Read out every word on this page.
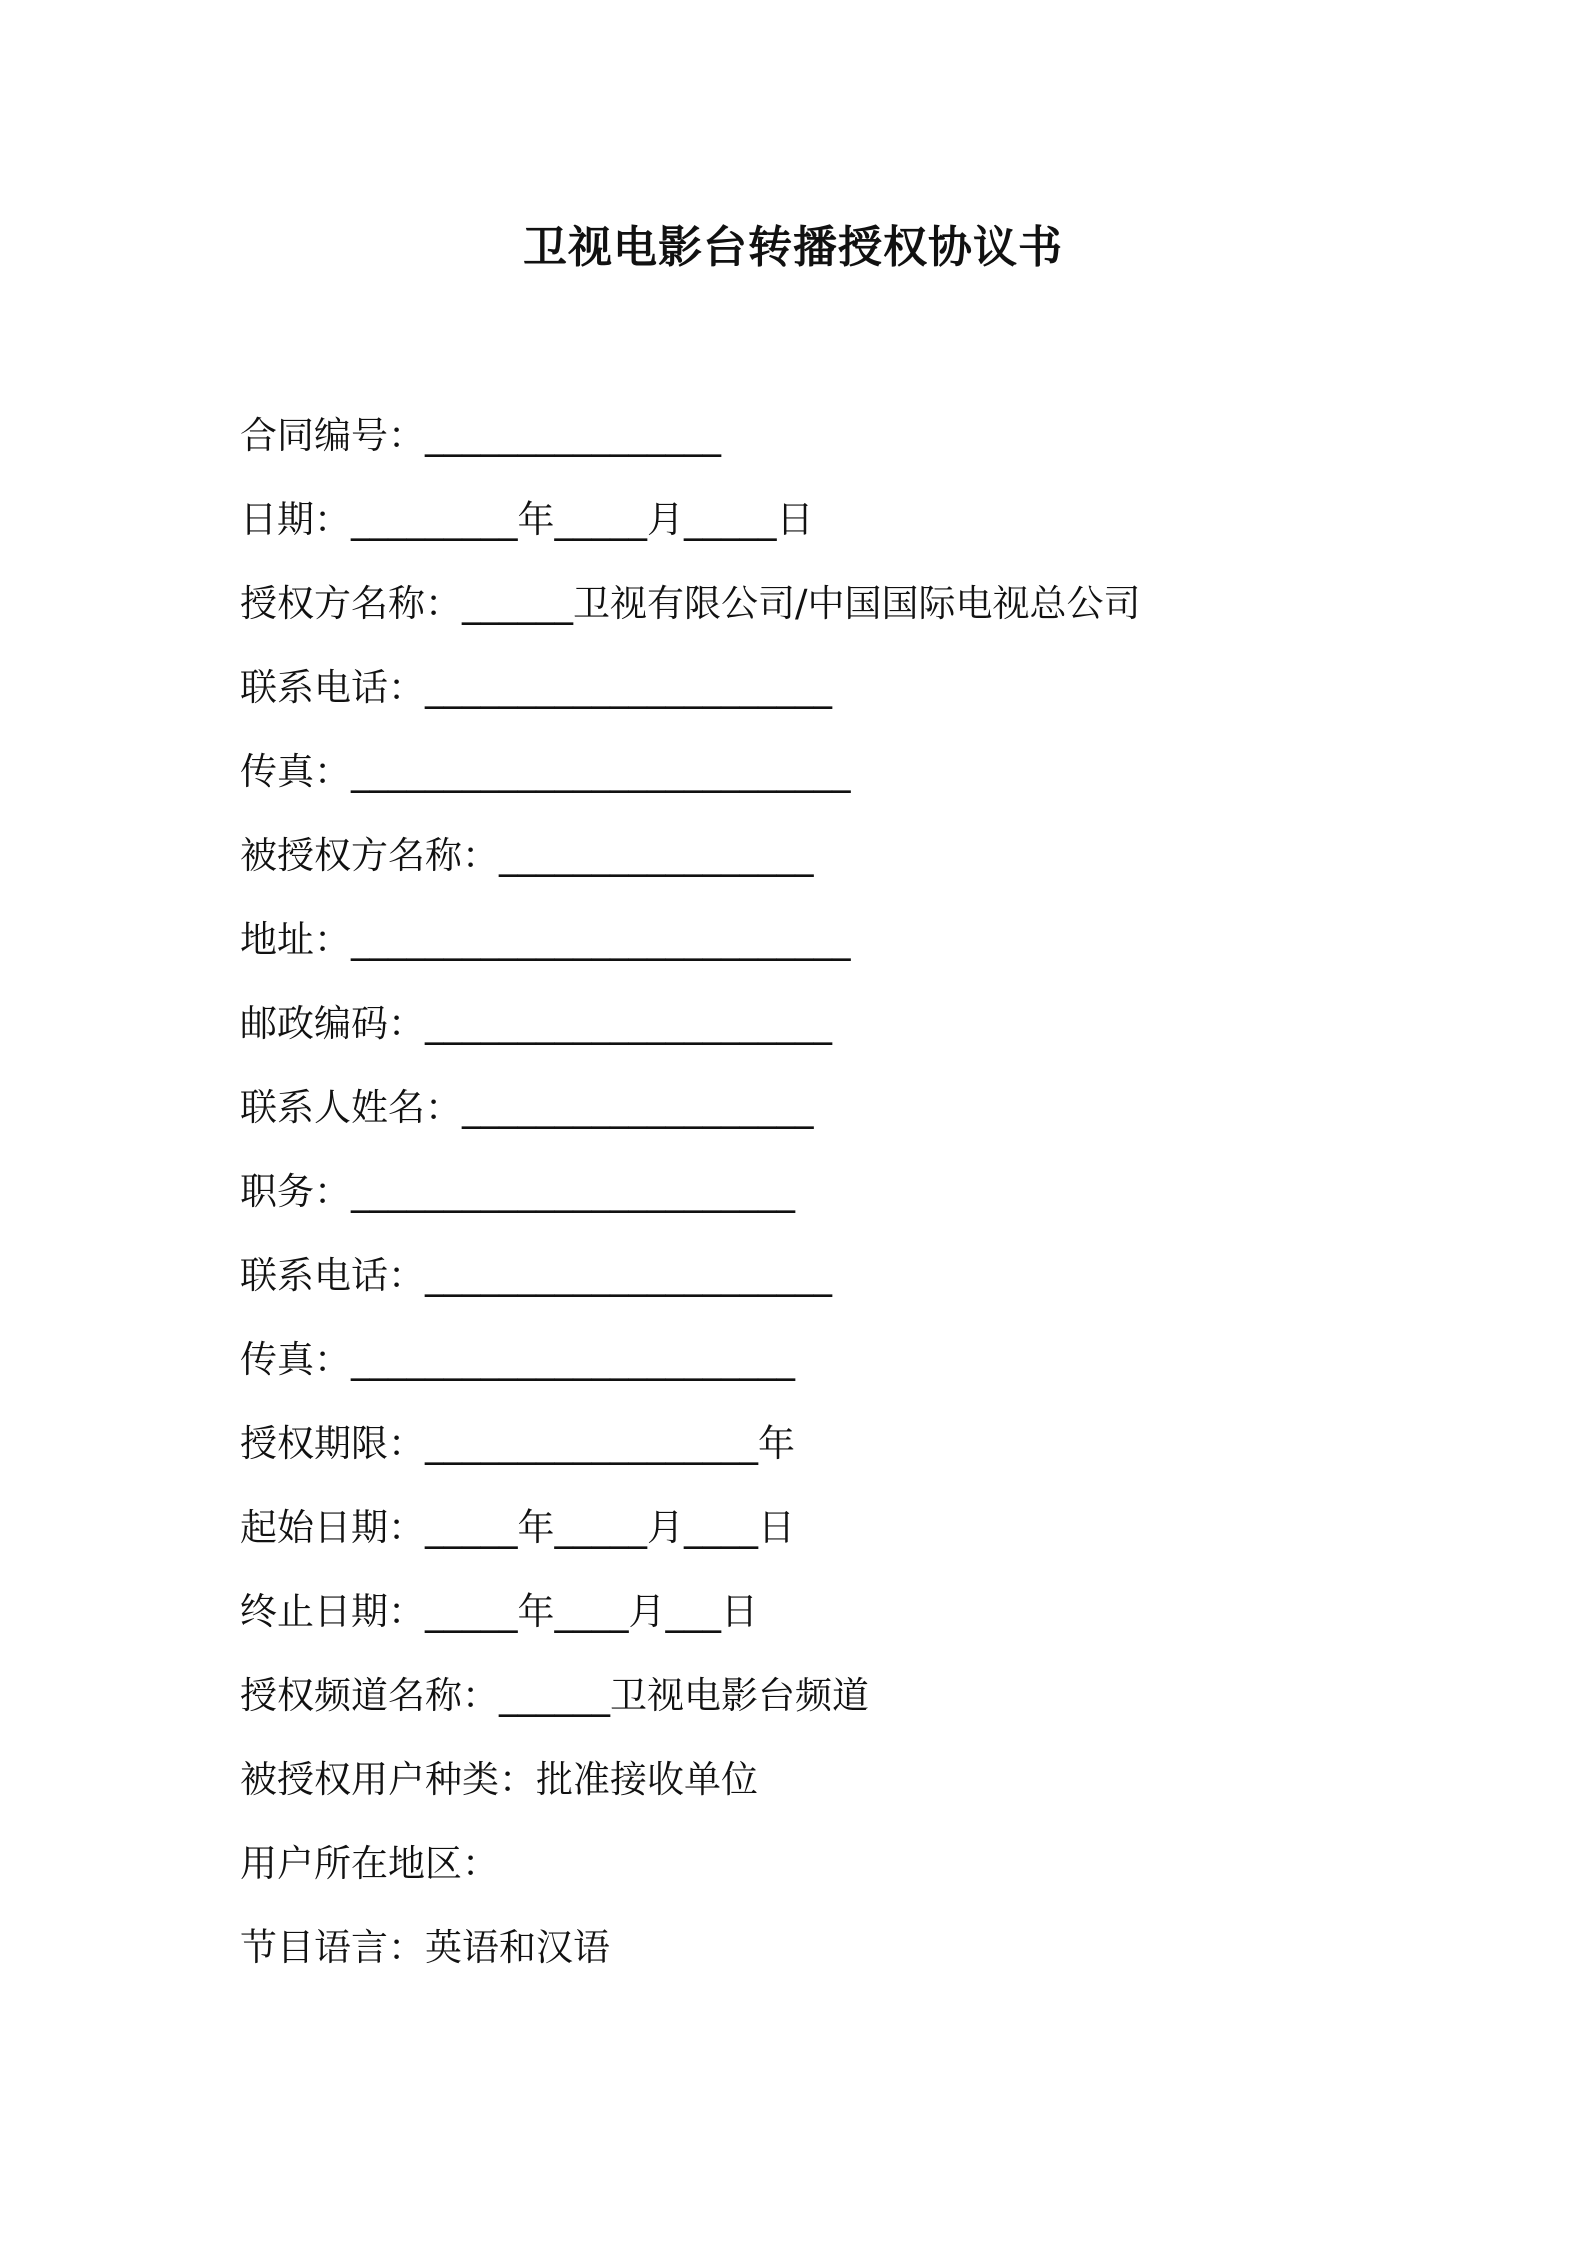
卫视电影台转播授权协议书
合同编号：________________
日期：_________年_____月_____日
授权方名称：______卫视有限公司/中国国际电视总公司
联系电话：______________________
传真：___________________________
被授权方名称：_________________
地址：___________________________
邮政编码：______________________
联系人姓名：___________________
职务：________________________
联系电话：______________________
传真：________________________
授权期限：__________________年
起始日期：_____年_____月____日
终止日期：_____年____月___日
授权频道名称：______卫视电影台频道
被授权用户种类：批准接收单位
用户所在地区：
节目语言：英语和汉语
